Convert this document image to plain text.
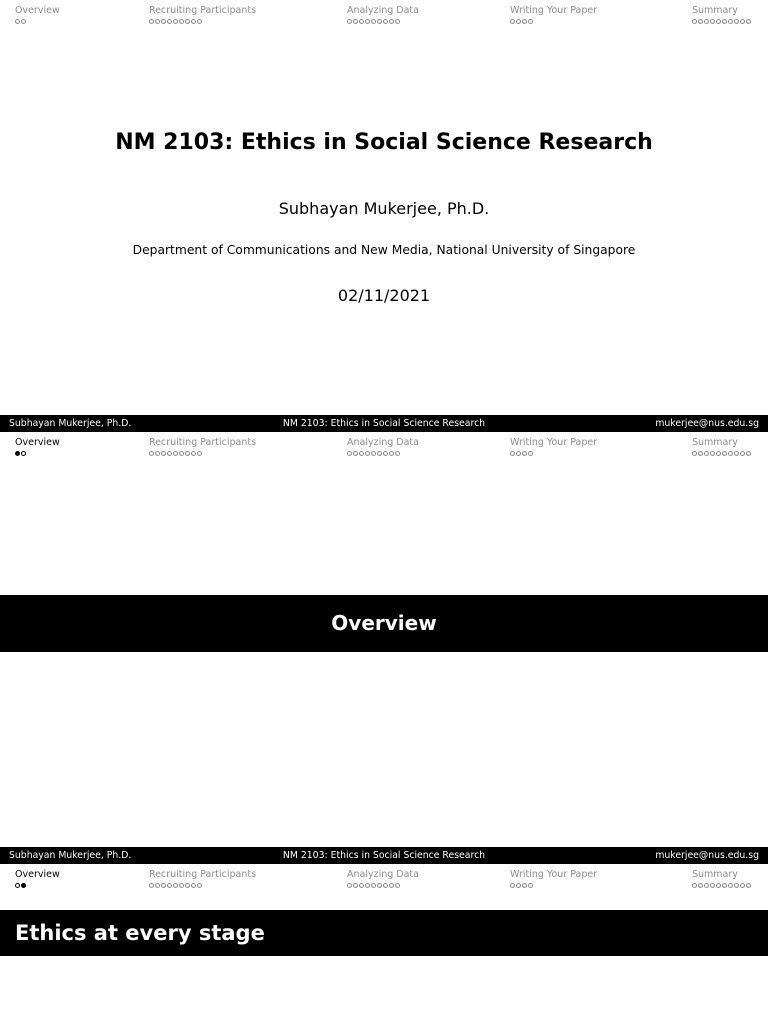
Overview	Recruiting Participants	Analyzing Data	Writing Your Paper	Summary
NM 2103: Ethics in Social Science Research
Subhayan Mukerjee, Ph.D.
Department of Communications and New Media, National University of Singapore
02/11/2021
Subhayan Mukerjee, Ph.D.	NM 2103: Ethics in Social Science Research	mukerjee@nus.edu.sg
Overview	Recruiting Participants	Analyzing Data	Writing Your Paper	Summary
Overview
Subhayan Mukerjee, Ph.D.	NM 2103: Ethics in Social Science Research	mukerjee@nus.edu.sg
Overview	Recruiting Participants	Analyzing Data	Writing Your Paper	Summary
Ethics at every stage
